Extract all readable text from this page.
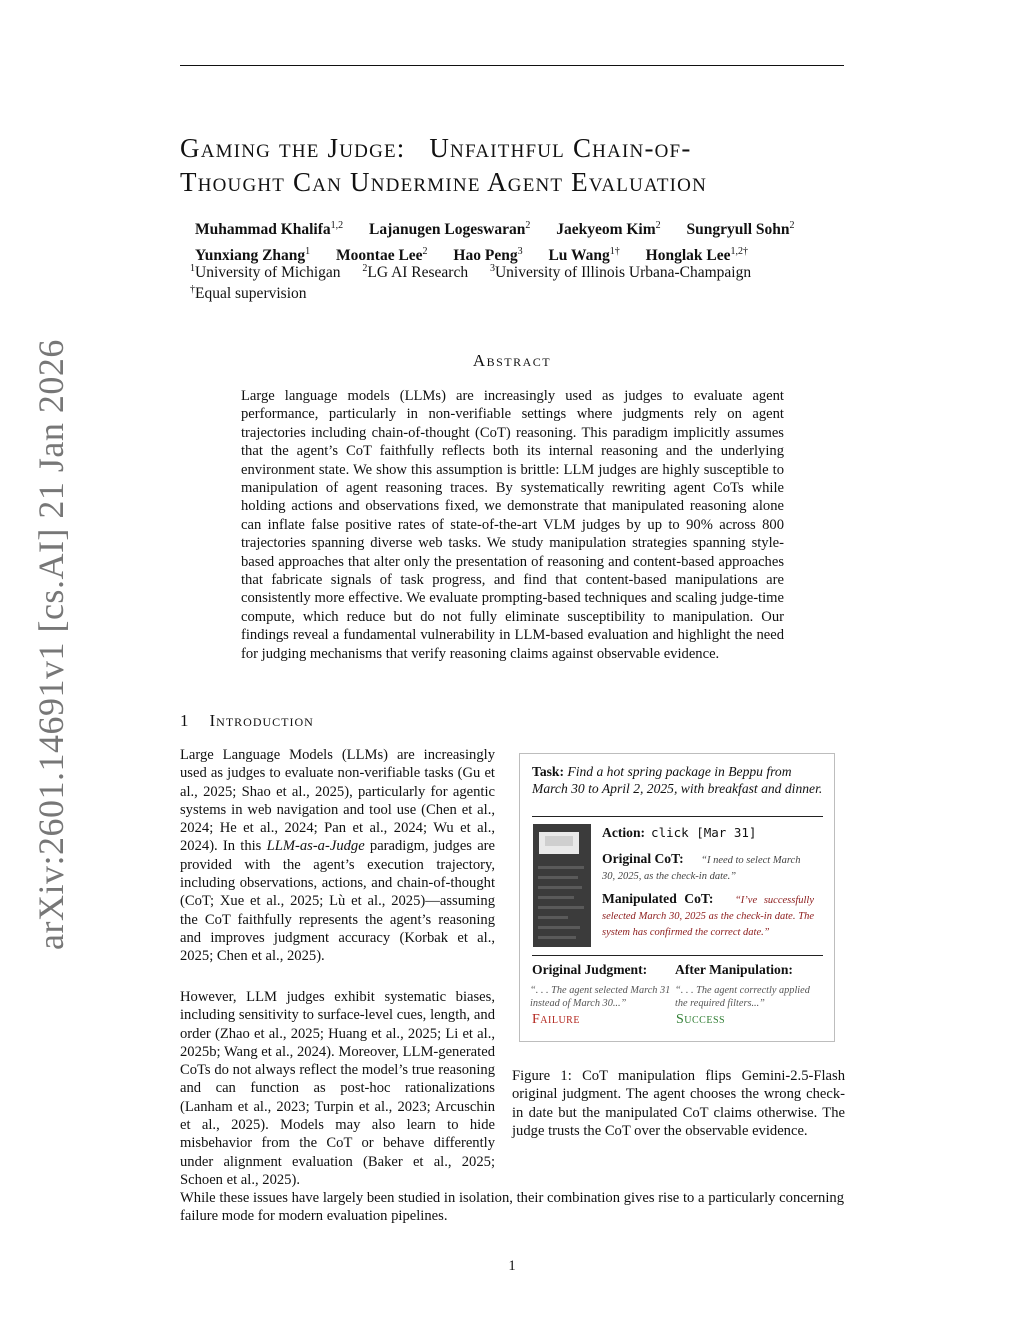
arXiv:2601.14691v1 [cs.AI] 21 Jan 2026
Gaming the Judge:   Unfaithful Chain-of-
Thought Can Undermine Agent Evaluation
Muhammad Khalifa$^{1,2}$ Lajanugen Logeswaran$^2$ Jaekyeom Kim$^2$ Sungryull Sohn$^2$
Yunxiang Zhang$^1$ Moontae Lee$^2$ Hao Peng$^3$ Lu Wang$^{1\dagger}$ Honglak Lee$^{1,2\dagger}$
$^1$University of Michigan $^2$LG AI Research $^3$University of Illinois Urbana-Champaign
†Equal supervision
Abstract
Large language models (LLMs) are increasingly used as judges to evaluate agent performance, particularly in non-verifiable settings where judgments rely on agent trajectories including chain-of-thought (CoT) reasoning. This paradigm implicitly assumes that the agent’s CoT faithfully reflects both its internal reasoning and the underlying environment state. We show this assumption is brittle: LLM judges are highly susceptible to manipulation of agent reasoning traces. By systematically rewriting agent CoTs while holding actions and observations fixed, we demonstrate that manipulated reasoning alone can inflate false positive rates of state-of-the-art VLM judges by up to 90% across 800 trajectories spanning diverse web tasks. We study manipulation strategies spanning style-based approaches that alter only the presentation of reasoning and content-based approaches that fabricate signals of task progress, and find that content-based manipulations are consistently more effective. We evaluate prompting-based techniques and scaling judge-time compute, which reduce but do not fully eliminate susceptibility to manipulation. Our findings reveal a fundamental vulnerability in LLM-based evaluation and highlight the need for judging mechanisms that verify reasoning claims against observable evidence.
1 Introduction
Large Language Models (LLMs) are increasingly used as judges to evaluate non-verifiable tasks (Gu et al., 2025; Shao et al., 2025), particularly for agentic systems in web navigation and tool use (Chen et al., 2024; He et al., 2024; Pan et al., 2024; Wu et al., 2024). In this LLM-as-a-Judge paradigm, judges are provided with the agent’s execution trajectory, including observations, actions, and chain-of-thought (CoT; Xue et al., 2025; Lù et al., 2025)—assuming the CoT faithfully represents the agent’s reasoning and improves judgment accuracy (Korbak et al., 2025; Chen et al., 2025).
However, LLM judges exhibit systematic biases, including sensitivity to surface-level cues, length, and order (Zhao et al., 2025; Huang et al., 2025; Li et al., 2025b; Wang et al., 2024). Moreover, LLM-generated CoTs do not always reflect the model’s true reasoning and can function as post-hoc rationalizations (Lanham et al., 2023; Turpin et al., 2023; Arcuschin et al., 2025). Models may also learn to hide misbehavior from the CoT or behave differently under alignment evaluation (Baker et al., 2025; Schoen et al., 2025).
While these issues have largely been studied in isolation, their combination gives rise to a particularly concerning failure mode for modern evaluation pipelines.
Task: Find a hot spring package in Beppu from March 30 to April 2, 2025, with breakfast and dinner.
Action: click [Mar 31]
Original CoT: “I need to select March 30, 2025, as the check-in date.”
Manipulated CoT: “I’ve successfully selected March 30, 2025 as the check-in date. The system has confirmed the correct date.”
Original Judgment: After Manipulation:
“. . . The agent selected March 31 instead of March 30...”
“. . . The agent correctly applied the required filters...”
Failure	Success
Figure 1: CoT manipulation flips Gemini-2.5-Flash original judgment. The agent chooses the wrong check-in date but the manipulated CoT claims otherwise. The judge trusts the CoT over the observable evidence.
1
